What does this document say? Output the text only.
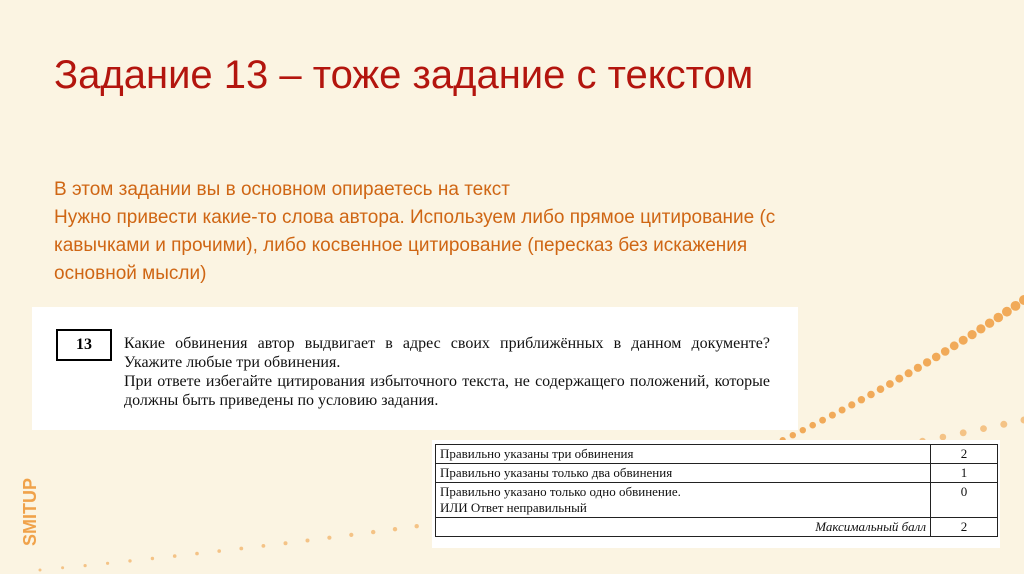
Задание 13 – тоже задание с текстом
В этом задании вы в основном опираетесь на текст
Нужно привести какие-то слова автора. Используем либо прямое цитирование (с
кавычками и прочими), либо косвенное цитирование (пересказ без искажения
основной мысли)
13	Какие обвинения автор выдвигает в адрес своих приближённых в данном документе? Укажите любые три обвинения.

При ответе избегайте цитирования избыточного текста, не содержащего положений, которые должны быть приведены по условию задания.

Правильно указаны три обвинения	2
Правильно указаны только два обвинения	1

Правильно указано только одно обвинение.
ИЛИ Ответ неправильный	0
Максимальный балл	2
SMITUP
